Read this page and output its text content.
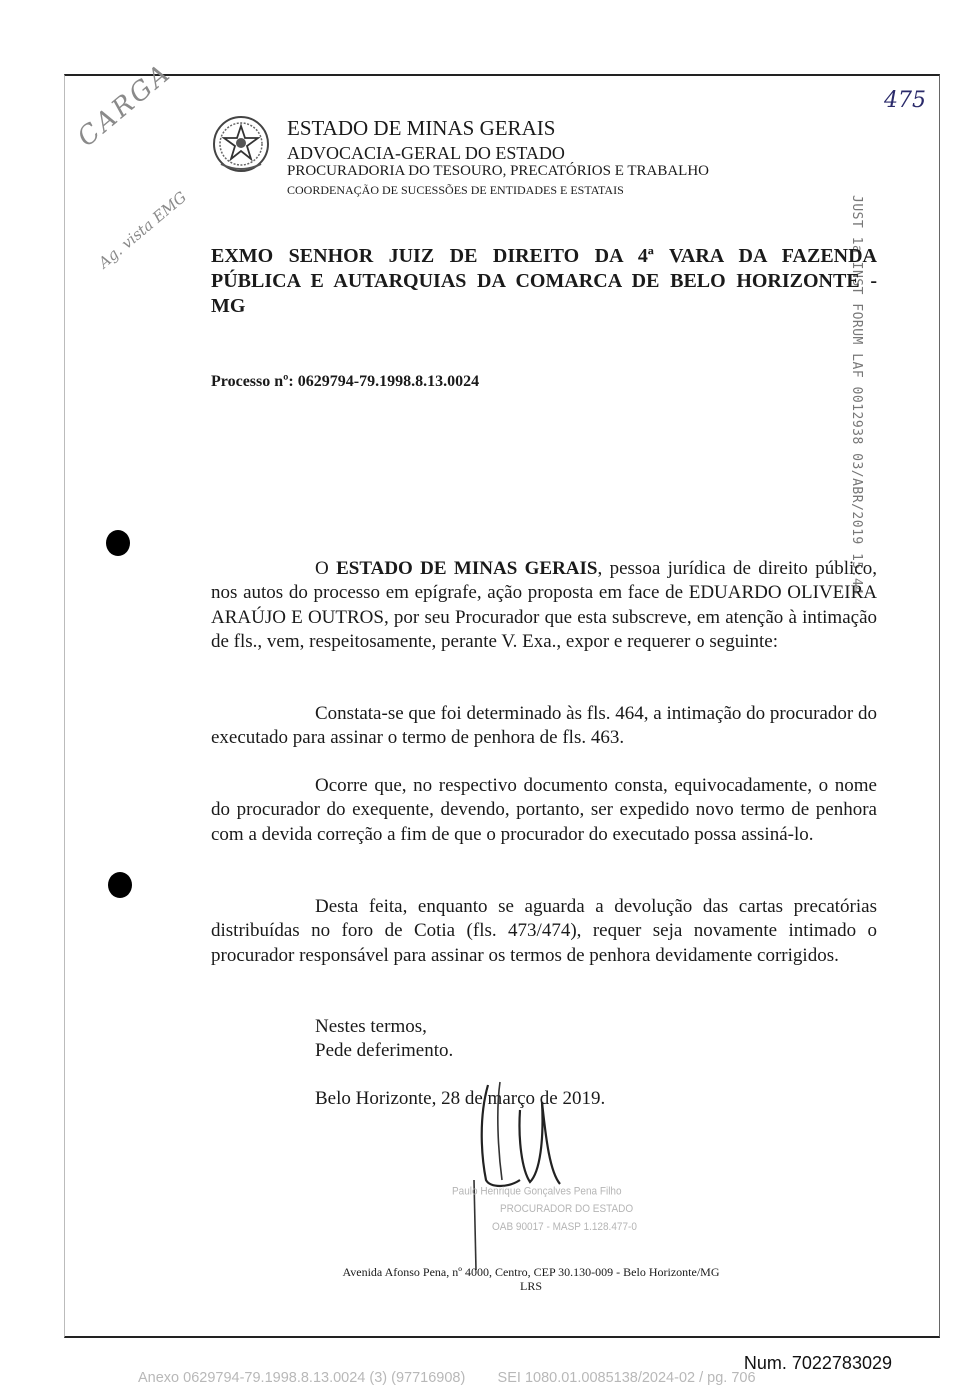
ESTADO DE MINAS GERAIS
ADVOCACIA-GERAL DO ESTADO
PROCURADORIA DO TESOURO, PRECATÓRIOS E TRABALHO
COORDENAÇÃO DE SUCESSÕES DE ENTIDADES E ESTATAIS
CARGA
Ag. vista EMG
475
JUST 1a INST FORUM LAF 0012938 03/ABR/2019 15:44
EXMO SENHOR JUIZ DE DIREITO DA 4ª VARA DA FAZENDA
PÚBLICA E AUTARQUIAS DA COMARCA DE BELO HORIZONTE -
MG
Processo nº: 0629794-79.1998.8.13.0024
O ESTADO DE MINAS GERAIS, pessoa jurídica de direito público, nos autos do processo em epígrafe, ação proposta em face de EDUARDO OLIVEIRA ARAÚJO E OUTROS, por seu Procurador que esta subscreve, em atenção à intimação de fls., vem, respeitosamente, perante V. Exa., expor e requerer o seguinte:
Constata-se que foi determinado às fls. 464, a intimação do procurador do executado para assinar o termo de penhora de fls. 463.
Ocorre que, no respectivo documento consta, equivocadamente, o nome do procurador do exequente, devendo, portanto, ser expedido novo termo de penhora com a devida correção a fim de que o procurador do executado possa assiná-lo.
Desta feita, enquanto se aguarda a devolução das cartas precatórias distribuídas no foro de Cotia (fls. 473/474), requer seja novamente intimado o procurador responsável para assinar os termos de penhora devidamente corrigidos.
Nestes termos,
Pede deferimento.
Belo Horizonte, 28 de março de 2019.
Paulo Henrique Gonçalves Pena Filho
PROCURADOR DO ESTADO
OAB 90017 - MASP 1.128.477-0
Avenida Afonso Pena, nº 4000, Centro, CEP 30.130-009 - Belo Horizonte/MG
LRS
Num. 7022783029
Anexo 0629794-79.1998.8.13.0024 (3) (97716908)        SEI 1080.01.0085138/2024-02 / pg. 706
